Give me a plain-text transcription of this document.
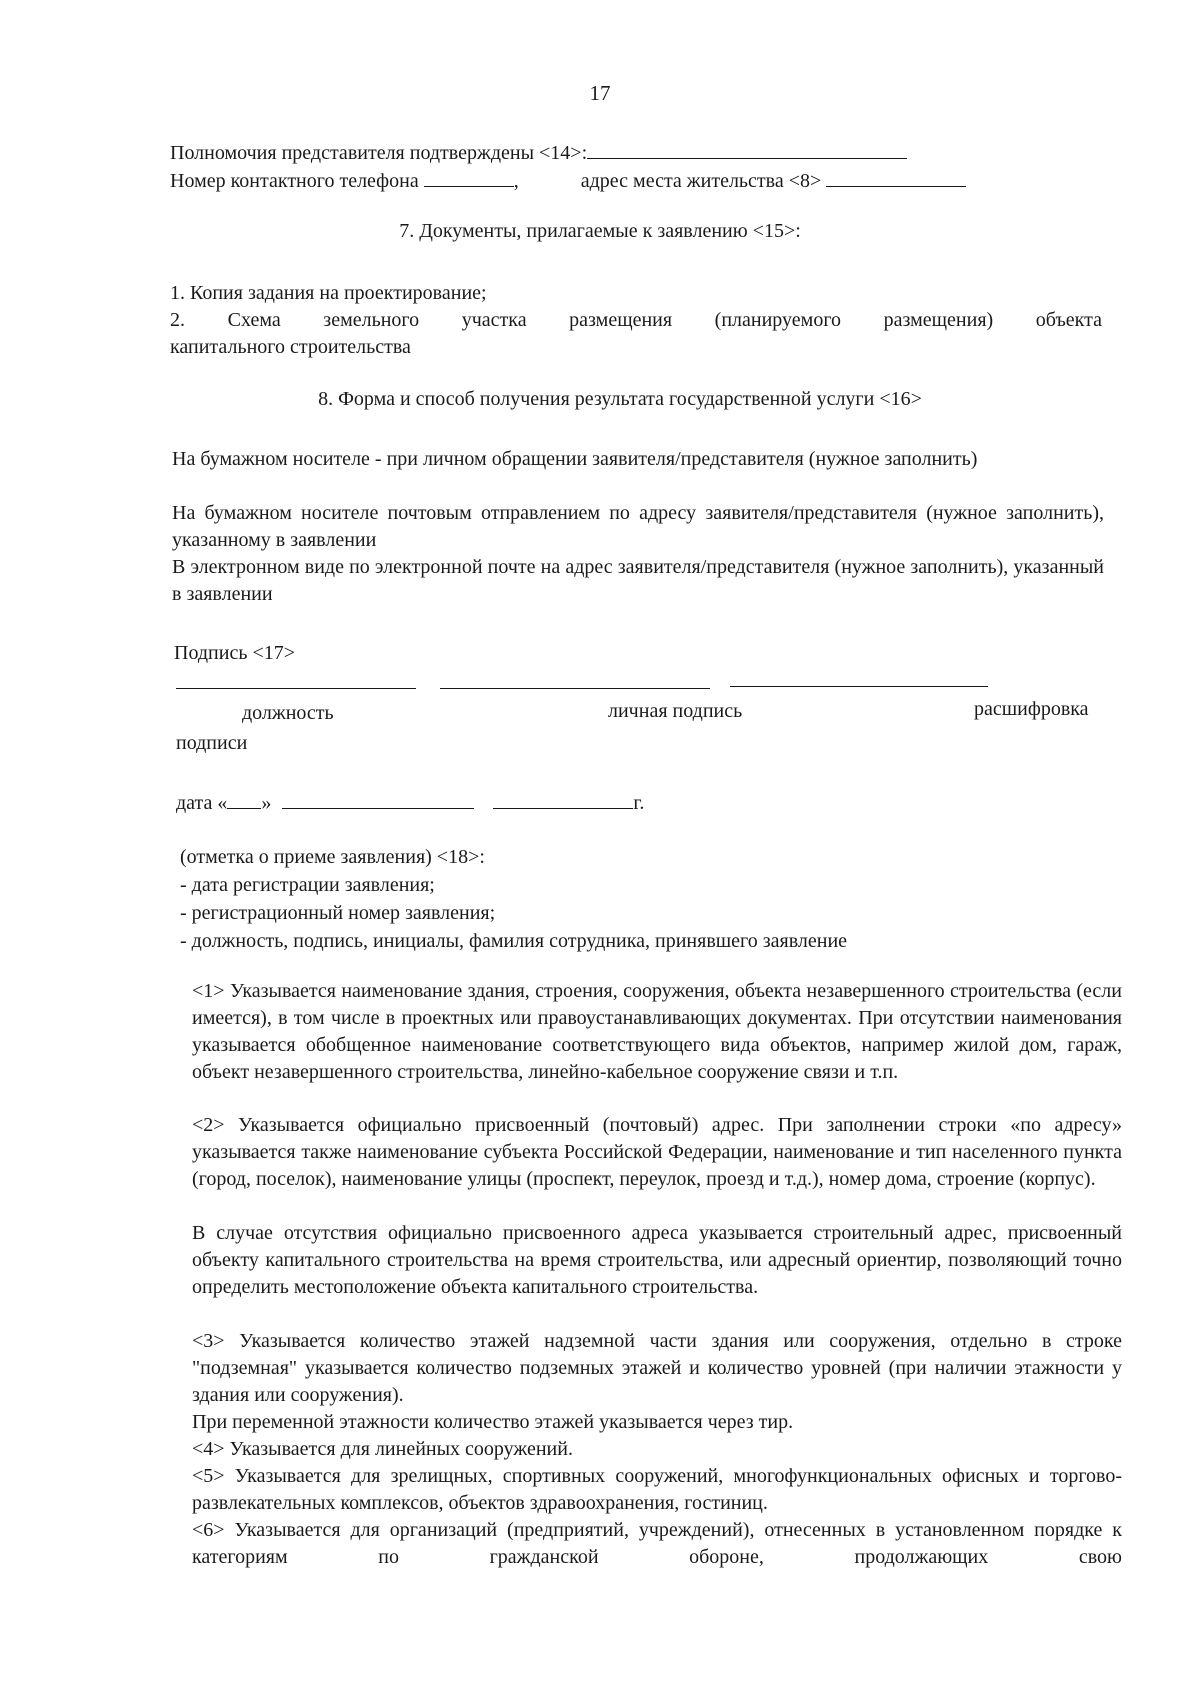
17
Полномочия представителя подтверждены <14>:
Номер контактного телефона	,	адрес места жительства <8>
7. Документы, прилагаемые к заявлению <15>:
1. Копия задания на проектирование;
2. Схема земельного участка размещения (планируемого размещения) объекта
капитального строительства
8. Форма и способ получения результата государственной услуги <16>
На бумажном носителе - при личном обращении заявителя/представителя (нужное заполнить)
На бумажном носителе почтовым отправлением по адресу заявителя/представителя (нужное заполнить), указанному в заявлении
В электронном виде по электронной почте на адрес заявителя/представителя (нужное заполнить), указанный в заявлении
Подпись <17>
должность	личная подпись	расшифровка
подписи
дата « »	г.
(отметка о приеме заявления) <18>:
- дата регистрации заявления;
- регистрационный номер заявления;
- должность, подпись, инициалы, фамилия сотрудника, принявшего заявление
<1> Указывается наименование здания, строения, сооружения, объекта незавершенного строительства (если имеется), в том числе в проектных или правоустанавливающих документах. При отсутствии наименования указывается обобщенное наименование соответствующего вида объектов, например жилой дом, гараж, объект незавершенного строительства, линейно-кабельное сооружение связи и т.п.
<2> Указывается официально присвоенный (почтовый) адрес. При заполнении строки «по адресу» указывается также наименование субъекта Российской Федерации, наименование и тип населенного пункта (город, поселок), наименование улицы (проспект, переулок, проезд и т.д.), номер дома, строение (корпус).
В случае отсутствия официально присвоенного адреса указывается строительный адрес, присвоенный объекту капитального строительства на время строительства, или адресный ориентир, позволяющий точно определить местоположение объекта капитального строительства.
<3> Указывается количество этажей надземной части здания или сооружения, отдельно в строке "подземная" указывается количество подземных этажей и количество уровней (при наличии этажности у здания или сооружения).
При переменной этажности количество этажей указывается через тир.
<4> Указывается для линейных сооружений.
<5> Указывается для зрелищных, спортивных сооружений, многофункциональных офисных и торгово-развлекательных комплексов, объектов здравоохранения, гостиниц.
<6> Указывается для организаций (предприятий, учреждений), отнесенных в установленном порядке к категориям по гражданской обороне, продолжающих свою
